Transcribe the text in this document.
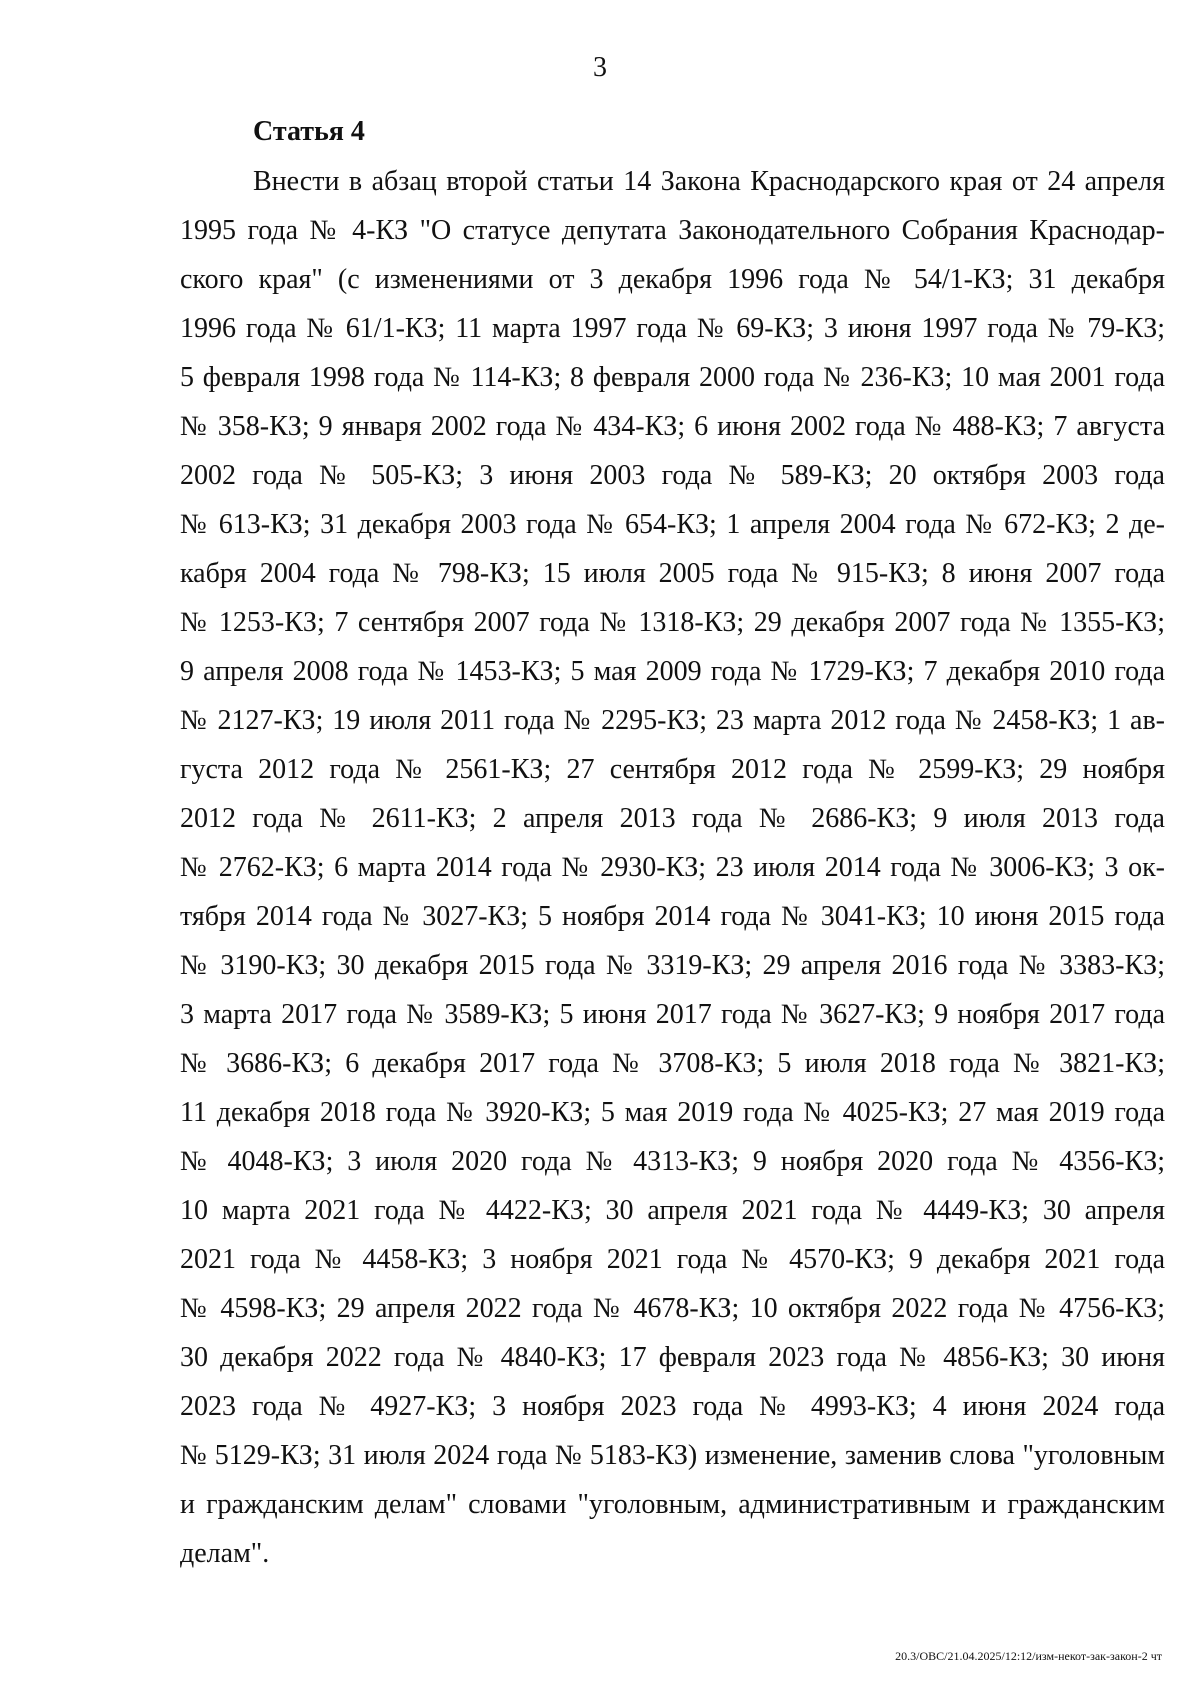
3
Статья 4
Внести в абзац второй статьи 14 Закона Краснодарского края от 24 апреля
1995 года № 4-КЗ "О статусе депутата Законодательного Собрания Краснодар-
ского края" (с изменениями от 3 декабря 1996 года № 54/1-КЗ; 31 декабря
1996 года № 61/1-КЗ; 11 марта 1997 года № 69-КЗ; 3 июня 1997 года № 79-КЗ;
5 февраля 1998 года № 114-КЗ; 8 февраля 2000 года № 236-КЗ; 10 мая 2001 года
№ 358-КЗ; 9 января 2002 года № 434-КЗ; 6 июня 2002 года № 488-КЗ; 7 августа
2002 года № 505-КЗ; 3 июня 2003 года № 589-КЗ; 20 октября 2003 года
№ 613-КЗ; 31 декабря 2003 года № 654-КЗ; 1 апреля 2004 года № 672-КЗ; 2 де-
кабря 2004 года № 798-КЗ; 15 июля 2005 года № 915-КЗ; 8 июня 2007 года
№ 1253-КЗ; 7 сентября 2007 года № 1318-КЗ; 29 декабря 2007 года № 1355-КЗ;
9 апреля 2008 года № 1453-КЗ; 5 мая 2009 года № 1729-КЗ; 7 декабря 2010 года
№ 2127-КЗ; 19 июля 2011 года № 2295-КЗ; 23 марта 2012 года № 2458-КЗ; 1 ав-
густа 2012 года № 2561-КЗ; 27 сентября 2012 года № 2599-КЗ; 29 ноября
2012 года № 2611-КЗ; 2 апреля 2013 года № 2686-КЗ; 9 июля 2013 года
№ 2762-КЗ; 6 марта 2014 года № 2930-КЗ; 23 июля 2014 года № 3006-КЗ; 3 ок-
тября 2014 года № 3027-КЗ; 5 ноября 2014 года № 3041-КЗ; 10 июня 2015 года
№ 3190-КЗ; 30 декабря 2015 года № 3319-КЗ; 29 апреля 2016 года № 3383-КЗ;
3 марта 2017 года № 3589-КЗ; 5 июня 2017 года № 3627-КЗ; 9 ноября 2017 года
№ 3686-КЗ; 6 декабря 2017 года № 3708-КЗ; 5 июля 2018 года № 3821-КЗ;
11 декабря 2018 года № 3920-КЗ; 5 мая 2019 года № 4025-КЗ; 27 мая 2019 года
№ 4048-КЗ; 3 июля 2020 года № 4313-КЗ; 9 ноября 2020 года № 4356-КЗ;
10 марта 2021 года № 4422-КЗ; 30 апреля 2021 года № 4449-КЗ; 30 апреля
2021 года № 4458-КЗ; 3 ноября 2021 года № 4570-КЗ; 9 декабря 2021 года
№ 4598-КЗ; 29 апреля 2022 года № 4678-КЗ; 10 октября 2022 года № 4756-КЗ;
30 декабря 2022 года № 4840-КЗ; 17 февраля 2023 года № 4856-КЗ; 30 июня
2023 года № 4927-КЗ; 3 ноября 2023 года № 4993-КЗ; 4 июня 2024 года
№ 5129-КЗ; 31 июля 2024 года № 5183-КЗ) изменение, заменив слова "уголовным
и гражданским делам" словами "уголовным, административным и гражданским
делам".
20.3/ОВС/21.04.2025/12:12/изм-некот-зак-закон-2 чт
